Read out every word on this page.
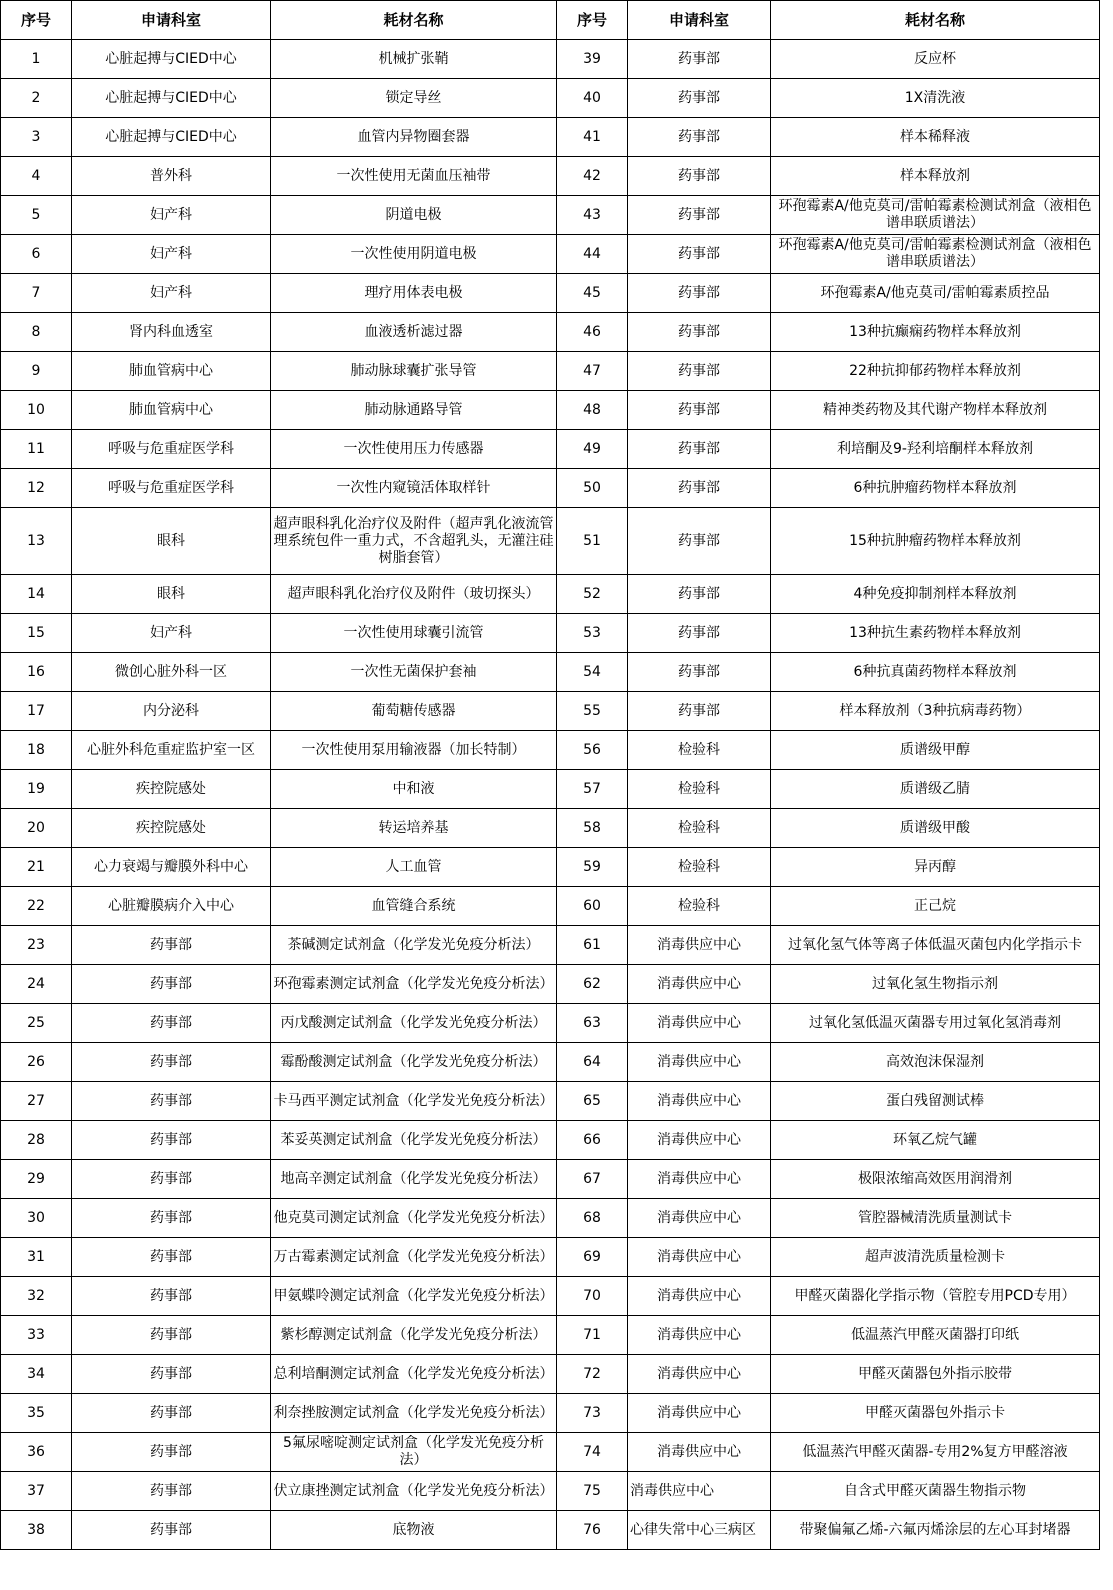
序号	申请科室	耗材名称	序号	申请科室	耗材名称
1	心脏起搏与CIED中心	机械扩张鞘	39	药事部	反应杯
2	心脏起搏与CIED中心	锁定导丝	40	药事部	1X清洗液
3	心脏起搏与CIED中心	血管内异物圈套器	41	药事部	样本稀释液
4	普外科	一次性使用无菌血压袖带	42	药事部	样本释放剂
5	妇产科	阴道电极	43	药事部	环孢霉素A/他克莫司/雷帕霉素检测试剂盒（液相色谱串联质谱法）
6	妇产科	一次性使用阴道电极	44	药事部	环孢霉素A/他克莫司/雷帕霉素检测试剂盒（液相色谱串联质谱法）
7	妇产科	理疗用体表电极	45	药事部	环孢霉素A/他克莫司/雷帕霉素质控品
8	肾内科血透室	血液透析滤过器	46	药事部	13种抗癫痫药物样本释放剂
9	肺血管病中心	肺动脉球囊扩张导管	47	药事部	22种抗抑郁药物样本释放剂
10	肺血管病中心	肺动脉通路导管	48	药事部	精神类药物及其代谢产物样本释放剂
11	呼吸与危重症医学科	一次性使用压力传感器	49	药事部	利培酮及9-羟利培酮样本释放剂
12	呼吸与危重症医学科	一次性内窥镜活体取样针	50	药事部	6种抗肿瘤药物样本释放剂
13	眼科	超声眼科乳化治疗仪及附件（超声乳化液流管理系统包件一重力式，不含超乳头，无灌注硅树脂套管）	51	药事部	15种抗肿瘤药物样本释放剂
14	眼科	超声眼科乳化治疗仪及附件（玻切探头）	52	药事部	4种免疫抑制剂样本释放剂
15	妇产科	一次性使用球囊引流管	53	药事部	13种抗生素药物样本释放剂
16	微创心脏外科一区	一次性无菌保护套袖	54	药事部	6种抗真菌药物样本释放剂
17	内分泌科	葡萄糖传感器	55	药事部	样本释放剂（3种抗病毒药物）
18	心脏外科危重症监护室一区	一次性使用泵用输液器（加长特制）	56	检验科	质谱级甲醇
19	疾控院感处	中和液	57	检验科	质谱级乙腈
20	疾控院感处	转运培养基	58	检验科	质谱级甲酸
21	心力衰竭与瓣膜外科中心	人工血管	59	检验科	异丙醇
22	心脏瓣膜病介入中心	血管缝合系统	60	检验科	正己烷
23	药事部	茶碱测定试剂盒（化学发光免疫分析法）	61	消毒供应中心	过氧化氢气体等离子体低温灭菌包内化学指示卡
24	药事部	环孢霉素测定试剂盒（化学发光免疫分析法）	62	消毒供应中心	过氧化氢生物指示剂
25	药事部	丙戊酸测定试剂盒（化学发光免疫分析法）	63	消毒供应中心	过氧化氢低温灭菌器专用过氧化氢消毒剂
26	药事部	霉酚酸测定试剂盒（化学发光免疫分析法）	64	消毒供应中心	高效泡沫保湿剂
27	药事部	卡马西平测定试剂盒（化学发光免疫分析法）	65	消毒供应中心	蛋白残留测试棒
28	药事部	苯妥英测定试剂盒（化学发光免疫分析法）	66	消毒供应中心	环氧乙烷气罐
29	药事部	地高辛测定试剂盒（化学发光免疫分析法）	67	消毒供应中心	极限浓缩高效医用润滑剂
30	药事部	他克莫司测定试剂盒（化学发光免疫分析法）	68	消毒供应中心	管腔器械清洗质量测试卡
31	药事部	万古霉素测定试剂盒（化学发光免疫分析法）	69	消毒供应中心	超声波清洗质量检测卡
32	药事部	甲氨蝶呤测定试剂盒（化学发光免疫分析法）	70	消毒供应中心	甲醛灭菌器化学指示物（管腔专用PCD专用）
33	药事部	紫杉醇测定试剂盒（化学发光免疫分析法）	71	消毒供应中心	低温蒸汽甲醛灭菌器打印纸
34	药事部	总利培酮测定试剂盒（化学发光免疫分析法）	72	消毒供应中心	甲醛灭菌器包外指示胶带
35	药事部	利奈挫胺测定试剂盒（化学发光免疫分析法）	73	消毒供应中心	甲醛灭菌器包外指示卡
36	药事部	5氟尿嘧啶测定试剂盒（化学发光免疫分析法）	74	消毒供应中心	低温蒸汽甲醛灭菌器-专用2%复方甲醛溶液
37	药事部	伏立康挫测定试剂盒（化学发光免疫分析法）	75	消毒供应中心	自含式甲醛灭菌器生物指示物
38	药事部	底物液	76	心律失常中心三病区	带聚偏氟乙烯-六氟丙烯涂层的左心耳封堵器
